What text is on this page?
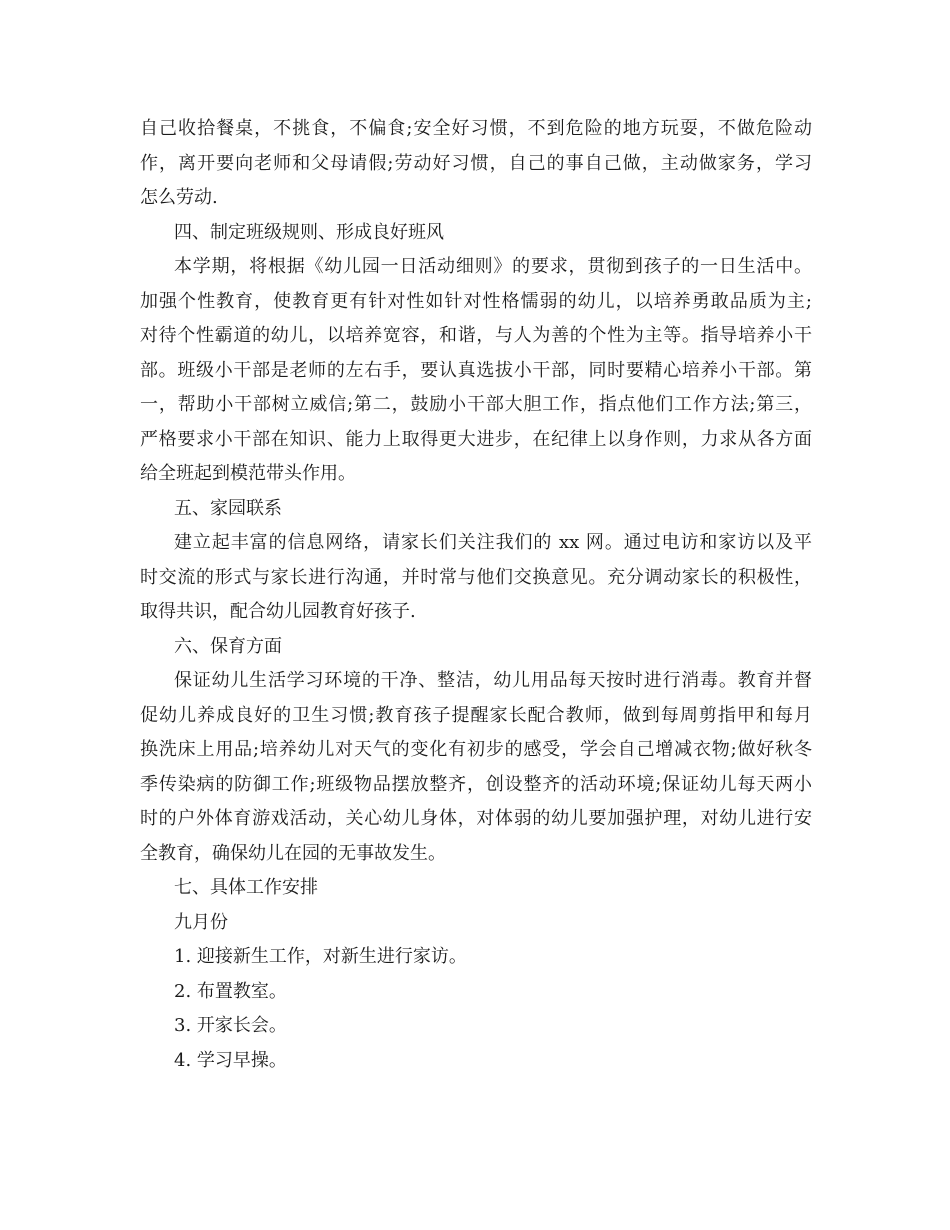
自己收拾餐桌，不挑食，不偏食;安全好习惯，不到危险的地方玩耍，不做危险动
作，离开要向老师和父母请假;劳动好习惯，自己的事自己做，主动做家务，学习
怎么劳动.
四、制定班级规则、形成良好班风
本学期，将根据《幼儿园一日活动细则》的要求，贯彻到孩子的一日生活中。
加强个性教育，使教育更有针对性如针对性格懦弱的幼儿，以培养勇敢品质为主;
对待个性霸道的幼儿，以培养宽容，和谐，与人为善的个性为主等。指导培养小干
部。班级小干部是老师的左右手，要认真选拔小干部，同时要精心培养小干部。第
一，帮助小干部树立威信;第二，鼓励小干部大胆工作，指点他们工作方法;第三，
严格要求小干部在知识、能力上取得更大进步，在纪律上以身作则，力求从各方面
给全班起到模范带头作用。
五、家园联系
建立起丰富的信息网络，请家长们关注我们的 xx 网。通过电访和家访以及平
时交流的形式与家长进行沟通，并时常与他们交换意见。充分调动家长的积极性，
取得共识，配合幼儿园教育好孩子.
六、保育方面
保证幼儿生活学习环境的干净、整洁，幼儿用品每天按时进行消毒。教育并督
促幼儿养成良好的卫生习惯;教育孩子提醒家长配合教师，做到每周剪指甲和每月
换洗床上用品;培养幼儿对天气的变化有初步的感受，学会自己增减衣物;做好秋冬
季传染病的防御工作;班级物品摆放整齐，创设整齐的活动环境;保证幼儿每天两小
时的户外体育游戏活动，关心幼儿身体，对体弱的幼儿要加强护理，对幼儿进行安
全教育，确保幼儿在园的无事故发生。
七、具体工作安排
九月份
1. 迎接新生工作，对新生进行家访。
2. 布置教室。
3. 开家长会。
4. 学习早操。
